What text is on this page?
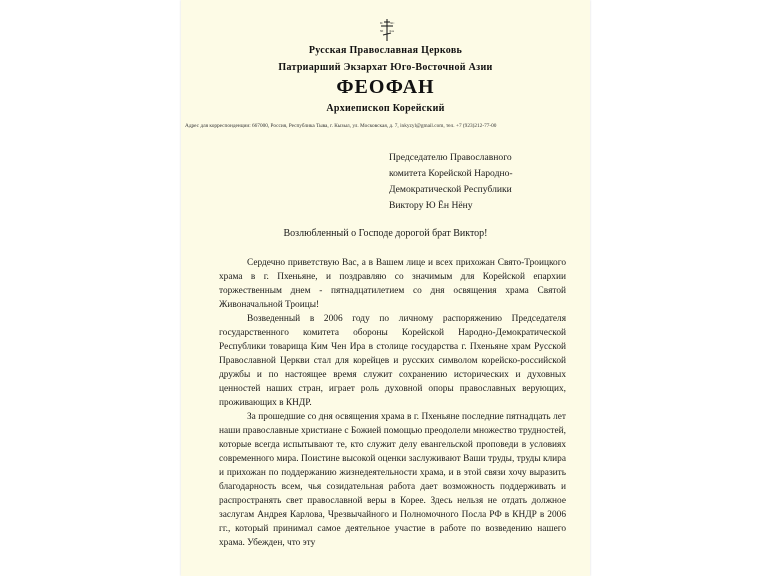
IC XC
NI KA
Русская Православная Церковь
Патриарший Экзархат Юго-Восточной Азии
ФЕОФАН
Архиепископ Корейский
Адрес для корреспонденции: 667000, Россия, Республика Тыва, г. Кызыл, ул. Московская, д. 7, inkyzyl@gmail.com, тел. +7 (923)212-77-00
Председателю Православного
комитета Корейской Народно-
Демократической Республики
Виктору Ю Ён Нёну
Возлюбленный о Господе дорогой брат Виктор!

Сердечно приветствую Вас, а в Вашем лице и всех прихожан Свято-Троицкого храма в г. Пхеньяне, и поздравляю со значимым для Корейской епархии торжественным днем - пятнадцатилетием со дня освящения храма Святой Живоначальной Троицы!

Возведенный в 2006 году по личному распоряжению Председателя государственного комитета обороны Корейской Народно-Демократической Республики товарища Ким Чен Ира в столице государства г. Пхеньяне храм Русской Православной Церкви стал для корейцев и русских символом корейско-российской дружбы и по настоящее время служит сохранению исторических и духовных ценностей наших стран, играет роль духовной опоры православных верующих, проживающих в КНДР.

За прошедшие со дня освящения храма в г. Пхеньяне последние пятнадцать лет наши православные христиане с Божией помощью преодолели множество трудностей, которые всегда испытывают те, кто служит делу евангельской проповеди в условиях современного мира. Поистине высокой оценки заслуживают Ваши труды, труды клира и прихожан по поддержанию жизнедеятельности храма, и в этой связи хочу выразить благодарность всем, чья созидательная работа дает возможность поддерживать и распространять свет православной веры в Корее. Здесь нельзя не отдать должное заслугам Андрея Карлова, Чрезвычайного и Полномочного Посла РФ в КНДР в 2006 гг., который принимал самое деятельное участие в работе по возведению нашего храма. Убежден, что эту
